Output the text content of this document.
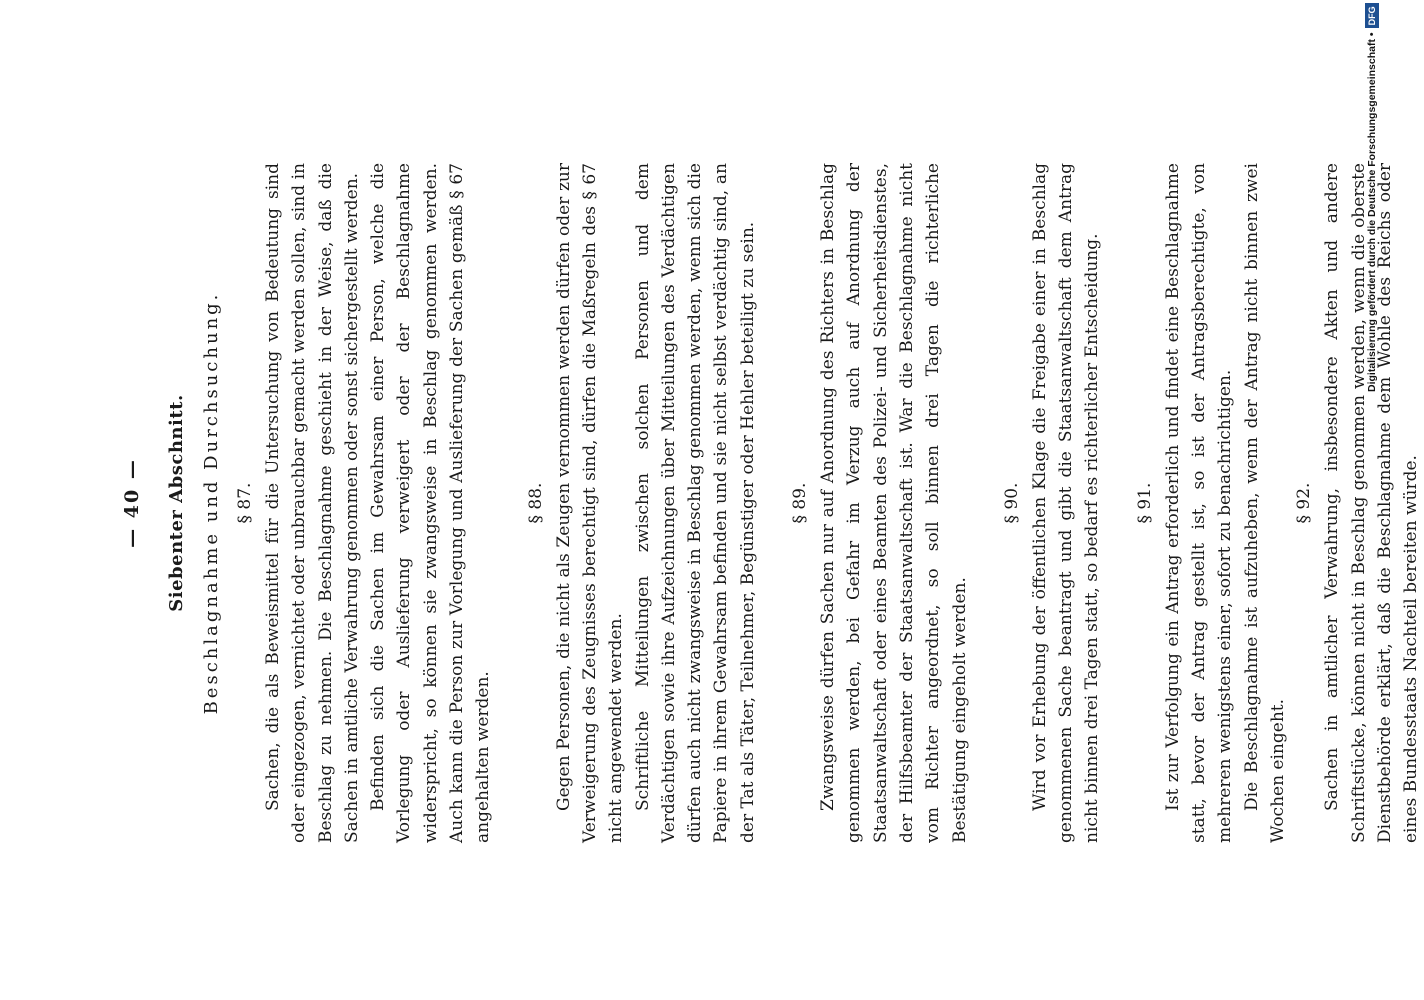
— 40 —	Siebenter Abschnitt. Beschlagnahme und Durchsuchung. § 87. Sachen, die als Beweismittel für die Untersuchung von Bedeutung sind oder eingezogen, vernichtet oder unbrauchbar gemacht werden sollen, sind in Beschlag zu nehmen. Die Beschlagnahme geschieht in der Weise, daß die Sachen in amtliche Verwahrung genommen oder sonst sichergestellt werden. Befinden sich die Sachen im Gewahrsam einer Person, welche die Vorlegung oder Auslieferung verweigert oder der Beschlagnahme widerspricht, so können sie zwangsweise in Beschlag genommen werden. Auch kann die Person zur Vorlegung und Auslieferung der Sachen gemäß § 67 angehalten werden.

§ 88. Gegen Personen, die nicht als Zeugen vernommen werden dürfen oder zur Verweigerung des Zeugnisses berechtigt sind, dürfen die Maßregeln des § 67 nicht angewendet werden. Schriftliche Mitteilungen zwischen solchen Personen und dem Verdächtigen sowie ihre Aufzeichnungen über Mitteilungen des Verdächtigen dürfen auch nicht zwangsweise in Beschlag genommen werden, wenn sich die Papiere in ihrem Gewahrsam befinden und sie nicht selbst verdächtig sind, an der Tat als Täter, Teilnehmer, Begünstiger oder Hehler beteiligt zu sein. § 89. Zwangsweise dürfen Sachen nur auf Anordnung des Richters in Beschlag genommen werden, bei Gefahr im Verzug auch auf Anordnung der Staatsanwaltschaft oder eines Beamten des Polizei- und Sicherheitsdienstes, der Hilfsbeamter der Staatsanwaltschaft ist. War die Beschlagnahme nicht vom Richter angeordnet, so soll binnen drei Tagen die richterliche Bestätigung eingeholt werden.

§ 90. Wird vor Erhebung der öffentlichen Klage die Freigabe einer in Beschlag genommenen Sache beantragt und gibt die Staatsanwaltschaft dem Antrag nicht binnen drei Tagen statt, so bedarf es richterlicher Entscheidung. § 91. Ist zur Verfolgung ein Antrag erforderlich und findet eine Beschlagnahme statt, bevor der Antrag gestellt ist, so ist der Antragsberechtigte, von mehreren wenigstens einer, sofort zu benachrichtigen. Die Beschlagnahme ist aufzuheben, wenn der Antrag nicht binnen zwei Wochen eingeht.

§ 92. Sachen in amtlicher Verwahrung, insbesondere Akten und andere Schriftstücke, können nicht in Beschlag genommen werden, wenn die oberste Dienstbehörde erklärt, daß die Beschlagnahme dem Wohle des Reichs oder eines Bundesstaats Nachteil bereiten würde.

Digitalisierung gefördert durch die Deutsche Forschungsgemeinschaft •
DFG
